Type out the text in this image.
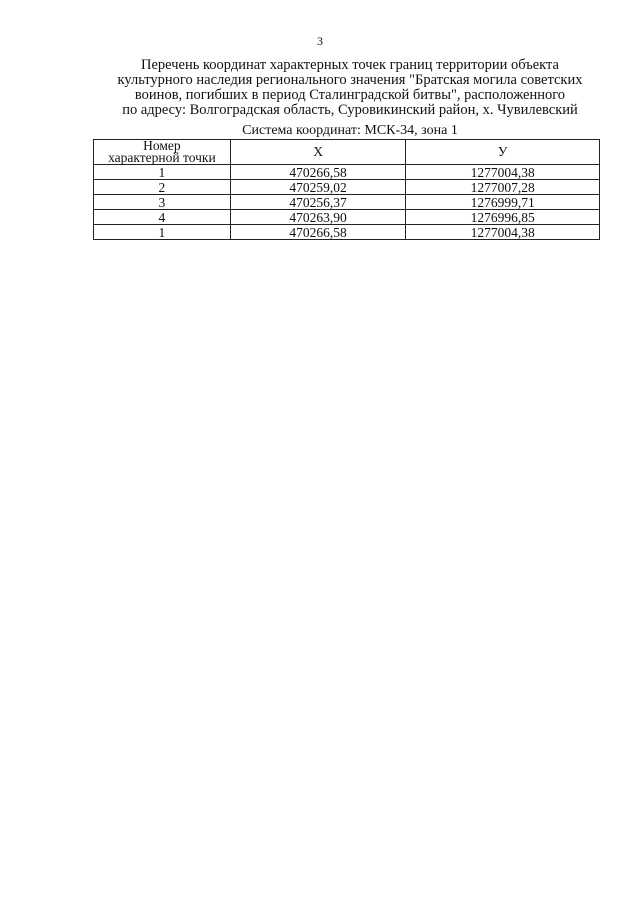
3
Перечень координат характерных точек границ территории объекта
культурного наследия регионального значения "Братская могила советских
воинов, погибших в период Сталинградской битвы", расположенного
по адресу: Волгоградская область, Суровикинский район, х. Чувилевский
Система координат: МСК-34, зона 1
Номер
характерной точки	X	У
1	470266,58	1277004,38
2	470259,02	1277007,28
3	470256,37	1276999,71
4	470263,90	1276996,85
1	470266,58	1277004,38
